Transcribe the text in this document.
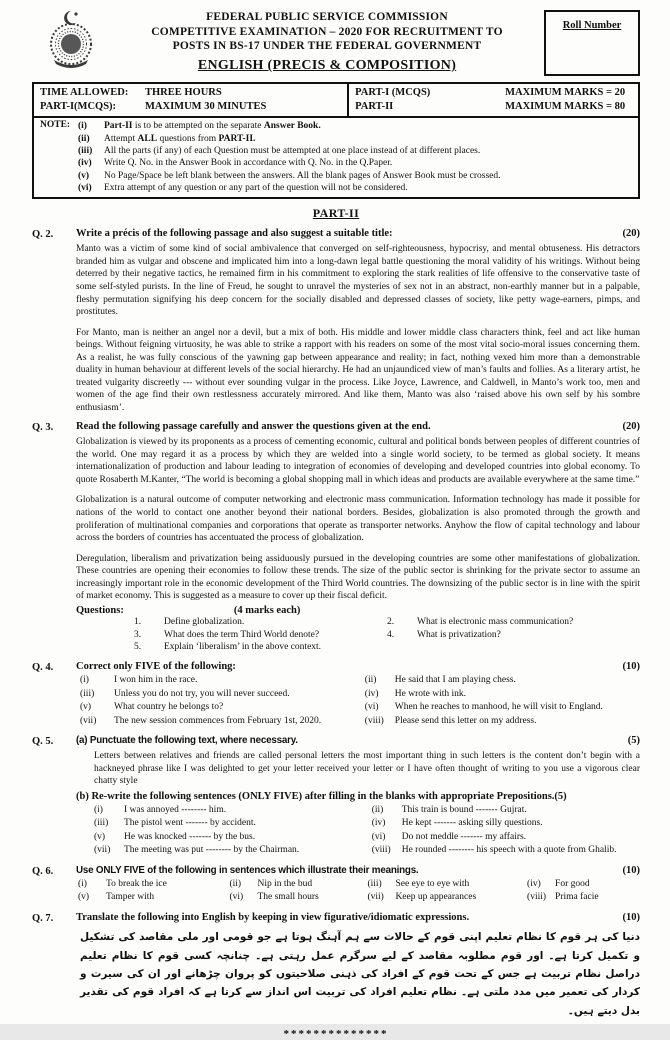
FEDERAL PUBLIC SERVICE COMMISSION
COMPETITIVE EXAMINATION – 2020 FOR RECRUITMENT TO
POSTS IN BS-17 UNDER THE FEDERAL GOVERNMENT
ENGLISH (PRECIS & COMPOSITION)
Roll Number
TIME ALLOWED:	THREE HOURS
PART-I(MCQS):	MAXIMUM 30 MINUTES

PART-I (MCQS)	MAXIMUM MARKS = 20
PART-II	MAXIMUM MARKS = 80
NOTE: (i)	Part-II is to be attempted on the separate Answer Book.
(ii)	Attempt ALL questions from PART-II.
(iii)	All the parts (if any) of each Question must be attempted at one place instead of at different places.
(iv)	Write Q. No. in the Answer Book in accordance with Q. No. in the Q.Paper.
(v)	No Page/Space be left blank between the answers. All the blank pages of Answer Book must be crossed.
(vi)	Extra attempt of any question or any part of the question will not be considered.
PART-II
Q. 2.	Write a précis of the following passage and also suggest a suitable title:	(20)
Manto was a victim of some kind of social ambivalence that converged on self-righteousness, hypocrisy, and mental obtuseness. His detractors branded him as vulgar and obscene and implicated him into a long-dawn legal battle questioning the moral validity of his writings. Without being deterred by their negative tactics, he remained firm in his commitment to exploring the stark realities of life offensive to the conservative taste of some self-styled purists. In the line of Freud, he sought to unravel the mysteries of sex not in an abstract, non-earthly manner but in a palpable, fleshy permutation signifying his deep concern for the socially disabled and depressed classes of society, like petty wage-earners, pimps, and prostitutes.
For Manto, man is neither an angel nor a devil, but a mix of both. His middle and lower middle class characters think, feel and act like human beings. Without feigning virtuosity, he was able to strike a rapport with his readers on some of the most vital socio-moral issues concerning them. As a realist, he was fully conscious of the yawning gap between appearance and reality; in fact, nothing vexed him more than a demonstrable duality in human behaviour at different levels of the social hierarchy. He had an unjaundiced view of man’s faults and follies. As a literary artist, he treated vulgarity discreetly --- without ever sounding vulgar in the process. Like Joyce, Lawrence, and Caldwell, in Manto’s work too, men and women of the age find their own restlessness accurately mirrored. And like them, Manto was also ‘raised above his own self by his sombre enthusiasm’.
Q. 3.	Read the following passage carefully and answer the questions given at the end.	(20)
Globalization is viewed by its proponents as a process of cementing economic, cultural and political bonds between peoples of different countries of the world. One may regard it as a process by which they are welded into a single world society, to be termed as global society. It means internationalization of production and labour leading to integration of economies of developing and developed countries into global economy. To quote Rosaberth M.Kanter, “The world is becoming a global shopping mall in which ideas and products are available everywhere at the same time.”
Globalization is a natural outcome of computer networking and electronic mass communication. Information technology has made it possible for nations of the world to contact one another beyond their national borders. Besides, globalization is also promoted through the growth and proliferation of multinational companies and corporations that operate as transporter networks. Anyhow the flow of capital technology and labour across the borders of countries has accentuated the process of globalization.
Deregulation, liberalism and privatization being assiduously pursued in the developing countries are some other manifestations of globalization. These countries are opening their economies to follow these trends. The size of the public sector is shrinking for the private sector to assume an increasingly important role in the economic development of the Third World countries. The downsizing of the public sector is in line with the spirit of market economy. This is suggested as a measure to cover up their fiscal deficit.
Questions:	(4 marks each)
1.	Define globalization.	2.	What is electronic mass communication?
3.	What does the term Third World denote?	4.	What is privatization?
5.	Explain ‘liberalism’ in the above context.
Q. 4.	Correct only FIVE of the following:	(10)
(i)	I won him in the race.	(ii)	He said that I am playing chess.
(iii)	Unless you do not try, you will never succeed.	(iv)	He wrote with ink.
(v)	What country he belongs to?	(vi)	When he reaches to manhood, he will visit to England.
(vii)	The new session commences from February 1st, 2020.	(viii)	Please send this letter on my address.
Q. 5.	(a) Punctuate the following text, where necessary.	(5)
Letters between relatives and friends are called personal letters the most important thing in such letters is the content don’t begin with a hackneyed phrase like I was delighted to get your letter received your letter or I have often thought of writing to you use a vigorous clear chatty style
(b) Re-write the following sentences (ONLY FIVE) after filling in the blanks with appropriate Prepositions.(5)
(i)	I was annoyed -------- him.	(ii)	This train is bound ------- Gujrat.
(iii)	The pistol went ------- by accident.	(iv)	He kept ------- asking silly questions.
(v)	He was knocked ------- by the bus.	(vi)	Do not meddle ------- my affairs.
(vii)	The meeting was put -------- by the Chairman.	(viii)	He rounded -------- his speech with a quote from Ghalib.
Q. 6.	Use ONLY FIVE of the following in sentences which illustrate their meanings.	(10)
(i)	To break the ice	(ii)	Nip in the bud	(iii)	See eye to eye with	(iv)	For good
(v)	Tamper with	(vi)	The small hours	(vii)	Keep up appearances	(viii) Prima facie
Q. 7.	Translate the following into English by keeping in view figurative/idiomatic expressions.	(10)
دنیا کی ہر قوم کا نظام تعلیم اپنی قوم کے حالات سے ہم آہنگ ہوتا ہے جو قومی اور ملی مقاصد کی تشکیل و تکمیل کرتا ہے۔ اور قوم مطلوبہ مقاصد کے لیے سرگرم عمل رہتی ہے۔ چنانچہ کسی قوم کا نظام تعلیم دراصل نظام تربیت ہے جس کے تحت قوم کے افراد کی ذہنی صلاحیتوں کو پروان چڑھانے اور ان کی سیرت و کردار کی تعمیر میں مدد ملتی ہے۔ نظام تعلیم افراد کی تربیت اس انداز سے کرتا ہے کہ افراد قوم کی تقدیر بدل دیتے ہیں۔
**************
